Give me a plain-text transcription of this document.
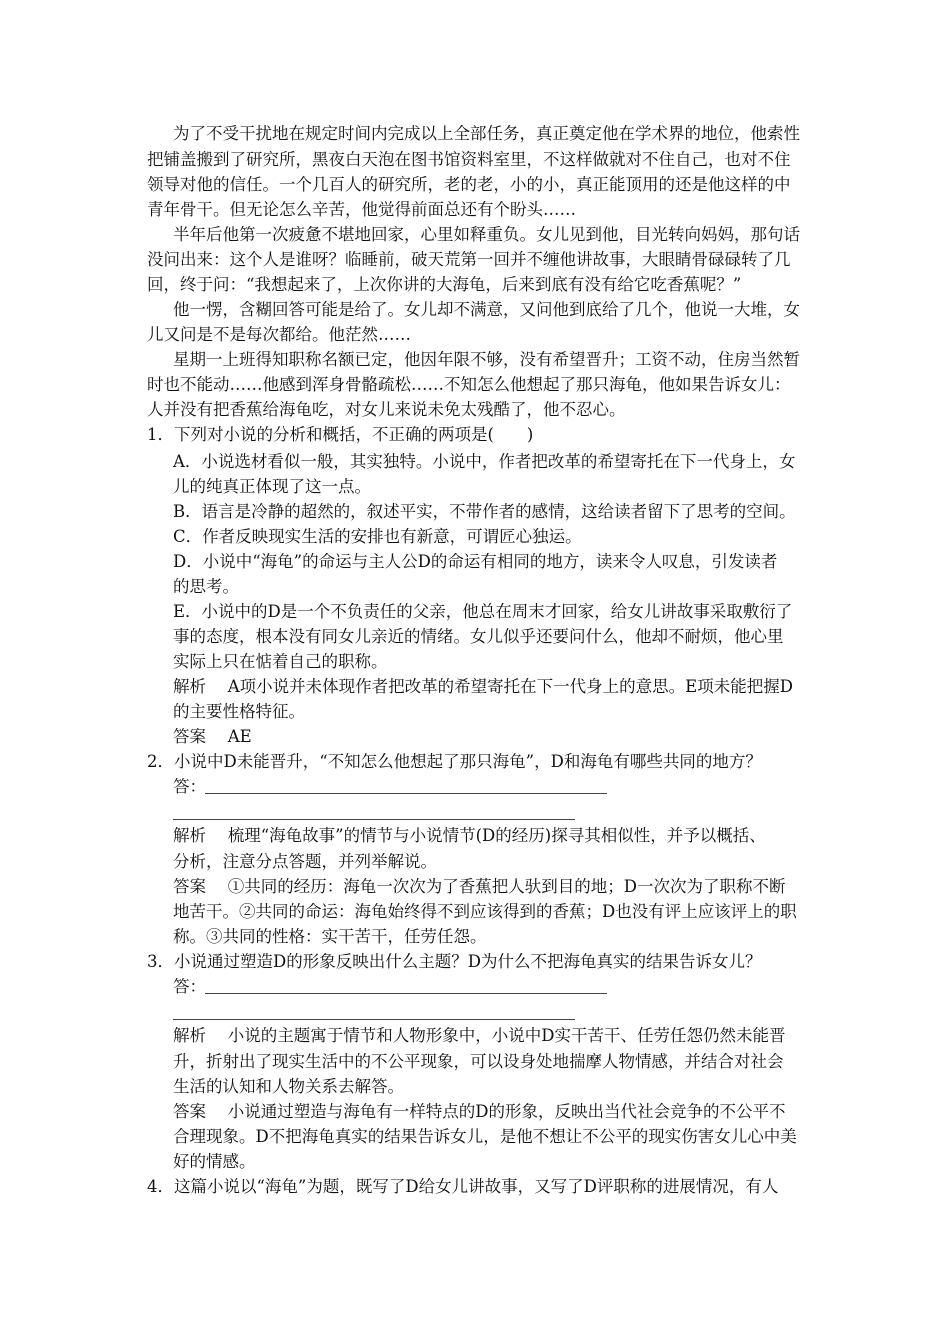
为了不受干扰地在规定时间内完成以上全部任务，真正奠定他在学术界的地位，他索性
把铺盖搬到了研究所，黑夜白天泡在图书馆资料室里，不这样做就对不住自己，也对不住
领导对他的信任。一个几百人的研究所，老的老，小的小，真正能顶用的还是他这样的中
青年骨干。但无论怎么辛苦，他觉得前面总还有个盼头……
半年后他第一次疲惫不堪地回家，心里如释重负。女儿见到他，目光转向妈妈，那句话
没问出来：这个人是谁呀？临睡前，破天荒第一回并不缠他讲故事，大眼睛骨碌碌转了几
回，终于问：“我想起来了，上次你讲的大海龟，后来到底有没有给它吃香蕉呢？”
他一愣，含糊回答可能是给了。女儿却不满意，又问他到底给了几个，他说一大堆，女
儿又问是不是每次都给。他茫然……
星期一上班得知职称名额已定，他因年限不够，没有希望晋升；工资不动，住房当然暂
时也不能动……他感到浑身骨骼疏松……不知怎么他想起了那只海龟，他如果告诉女儿：
人并没有把香蕉给海龟吃，对女儿来说未免太残酷了，他不忍心。
1．下列对小说的分析和概括，不正确的两项是(　　)
A．小说选材看似一般，其实独特。小说中，作者把改革的希望寄托在下一代身上，女
儿的纯真正体现了这一点。
B．语言是冷静的超然的，叙述平实，不带作者的感情，这给读者留下了思考的空间。
C．作者反映现实生活的安排也有新意，可谓匠心独运。
D．小说中“海龟”的命运与主人公D的命运有相同的地方，读来令人叹息，引发读者
的思考。
E．小说中的D是一个不负责任的父亲，他总在周末才回家，给女儿讲故事采取敷衍了
事的态度，根本没有同女儿亲近的情绪。女儿似乎还要问什么，他却不耐烦，他心里
实际上只在惦着自己的职称。
解析　 A项小说并未体现作者把改革的希望寄托在下一代身上的意思。E项未能把握D
的主要性格特征。
答案　 AE
2．小说中D未能晋升，“不知怎么他想起了那只海龟”，D和海龟有哪些共同的地方？
答：
解析　 梳理“海龟故事”的情节与小说情节(D的经历)探寻其相似性，并予以概括、
分析，注意分点答题，并列举解说。
答案　 ①共同的经历：海龟一次次为了香蕉把人驮到目的地；D一次次为了职称不断
地苦干。②共同的命运：海龟始终得不到应该得到的香蕉；D也没有评上应该评上的职
称。③共同的性格：实干苦干，任劳任怨。
3．小说通过塑造D的形象反映出什么主题？D为什么不把海龟真实的结果告诉女儿？
答：
解析　 小说的主题寓于情节和人物形象中，小说中D实干苦干、任劳任怨仍然未能晋
升，折射出了现实生活中的不公平现象，可以设身处地揣摩人物情感，并结合对社会
生活的认知和人物关系去解答。
答案　 小说通过塑造与海龟有一样特点的D的形象，反映出当代社会竞争的不公平不
合理现象。D不把海龟真实的结果告诉女儿，是他不想让不公平的现实伤害女儿心中美
好的情感。
4．这篇小说以“海龟”为题，既写了D给女儿讲故事，又写了D评职称的进展情况，有人
